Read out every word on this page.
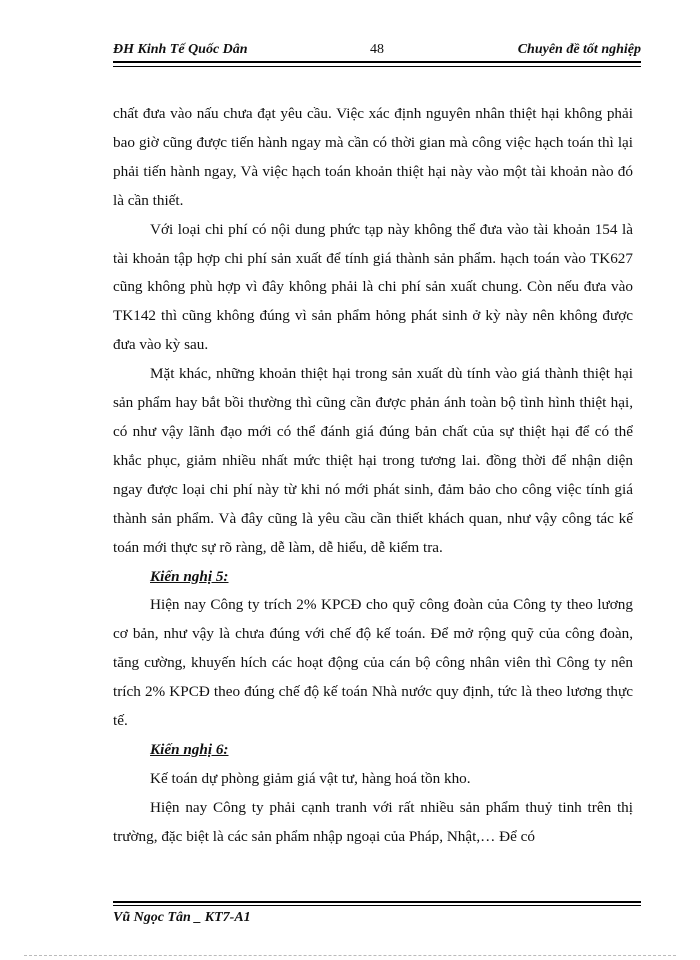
ĐH Kinh Tế Quốc Dân	48	Chuyên đề tốt nghiệp

chất đưa vào nấu chưa đạt yêu cầu. Việc xác định nguyên nhân thiệt hại không phải bao giờ cũng được tiến hành ngay mà cần có thời gian mà công việc hạch toán thì lại phải tiến hành ngay, Và việc hạch toán khoản thiệt hại này vào một tài khoản nào đó là cần thiết.

Với loại chi phí có nội dung phức tạp này không thể đưa vào tài khoản 154 là tài khoản tập hợp chi phí sản xuất để tính giá thành sản phẩm. hạch toán vào TK627 cũng không phù hợp vì đây không phải là chi phí sản xuất chung. Còn nếu đưa vào TK142 thì cũng không đúng vì sản phẩm hỏng phát sinh ở kỳ này nên không được đưa vào kỳ sau.

Mặt khác, những khoản thiệt hại trong sản xuất dù tính vào giá thành thiệt hại sản phẩm hay bắt bồi thường thì cũng cần được phản ánh toàn bộ tình hình thiệt hại, có như vậy lãnh đạo mới có thể đánh giá đúng bản chất của sự thiệt hại để có thể khắc phục, giảm nhiều nhất mức thiệt hại trong tương lai. đồng thời để nhận diện ngay được loại chi phí này từ khi nó mới phát sinh, đảm bảo cho công việc tính giá thành sản phẩm. Và đây cũng là yêu cầu cần thiết khách quan, như vậy công tác kế toán mới thực sự rõ ràng, dễ làm, dễ hiểu, dễ kiểm tra.

Kiến nghị 5:

Hiện nay Công ty trích 2% KPCĐ cho quỹ công đoàn của Công ty theo lương cơ bản, như vậy là chưa đúng với chế độ kế toán. Để mở rộng quỹ của công đoàn, tăng cường, khuyến hích các hoạt động của cán bộ công nhân viên thì Công ty nên trích 2% KPCĐ theo đúng chế độ kế toán Nhà nước quy định, tức là theo lương thực tế.

Kiến nghị 6:

Kế toán dự phòng giảm giá vật tư, hàng hoá tồn kho.

Hiện nay Công ty phải cạnh tranh với rất nhiều sản phẩm thuỷ tinh trên thị trường, đặc biệt là các sản phẩm nhập ngoại của Pháp, Nhật,… Để có

Vũ Ngọc Tân _ KT7-A1
